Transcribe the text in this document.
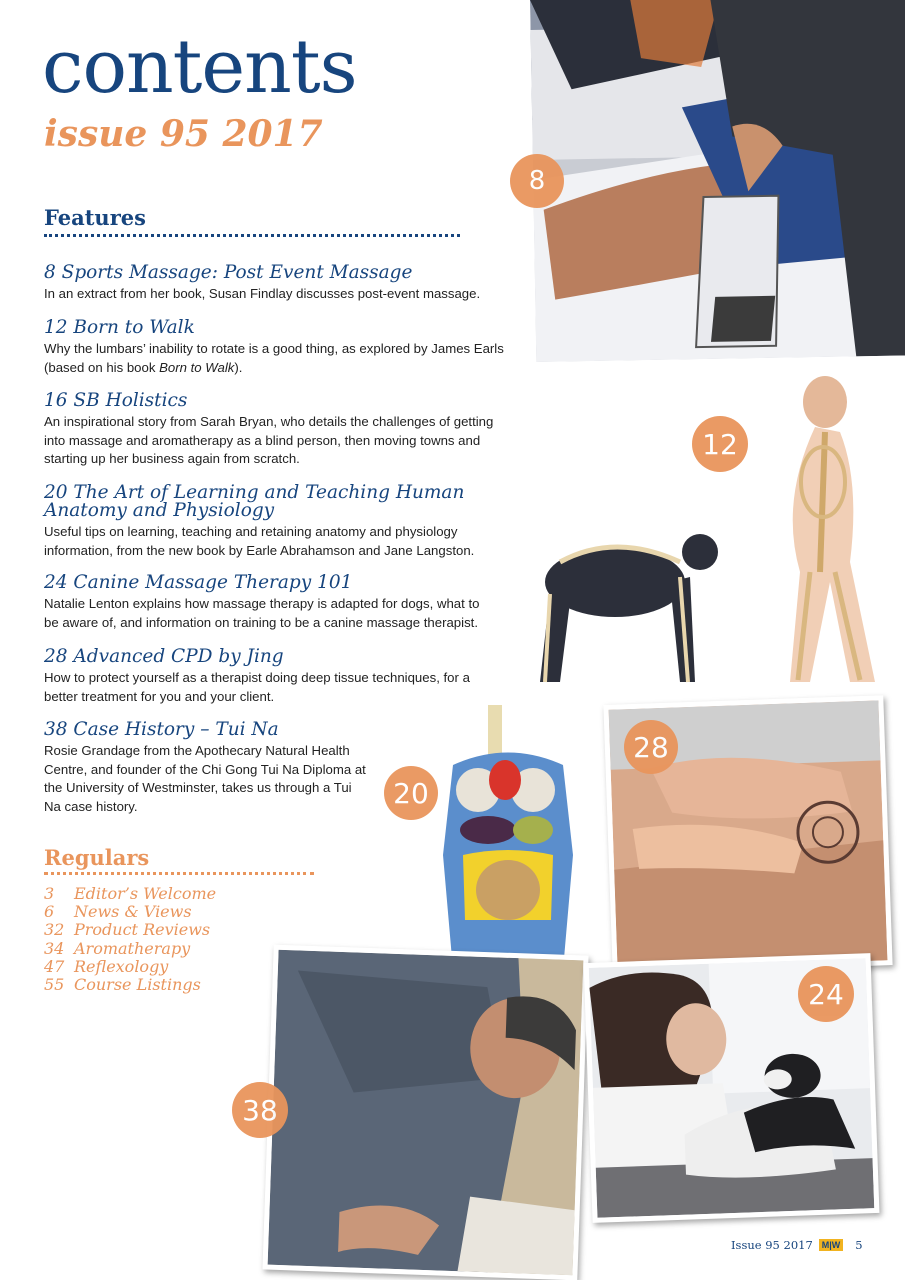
contents
issue 95 2017
Features

8 Sports Massage: Post Event Massage

In an extract from her book, Susan Findlay discusses post-event massage.

12 Born to Walk

Why the lumbars’ inability to rotate is a good thing, as explored by James Earls (based on his book Born to Walk).

16 SB Holistics

An inspirational story from Sarah Bryan, who details the challenges of getting into massage and aromatherapy as a blind person, then moving towns and starting up her business again from scratch.

20 The Art of Learning and Teaching Human Anatomy and Physiology

Useful tips on learning, teaching and retaining anatomy and physiology information, from the new book by Earle Abrahamson and Jane Langston.

24 Canine Massage Therapy 101

Natalie Lenton explains how massage therapy is adapted for dogs, what to be aware of, and information on training to be a canine massage therapist.

28 Advanced CPD by Jing

How to protect yourself as a therapist doing deep tissue techniques, for a better treatment for you and your client.

38 Case History – Tui Na

Rosie Grandage from the Apothecary Natural Health Centre, and founder of the Chi Gong Tui Na Diploma at the University of Westminster, takes us through a Tui Na case history.

Regulars
3 Editor’s Welcome
6 News & Views
32 Product Reviews
34 Aromatherapy
47 Reflexology
55 Course Listings
8
12
20
28
38
24
Issue 95 2017	M|W 5
